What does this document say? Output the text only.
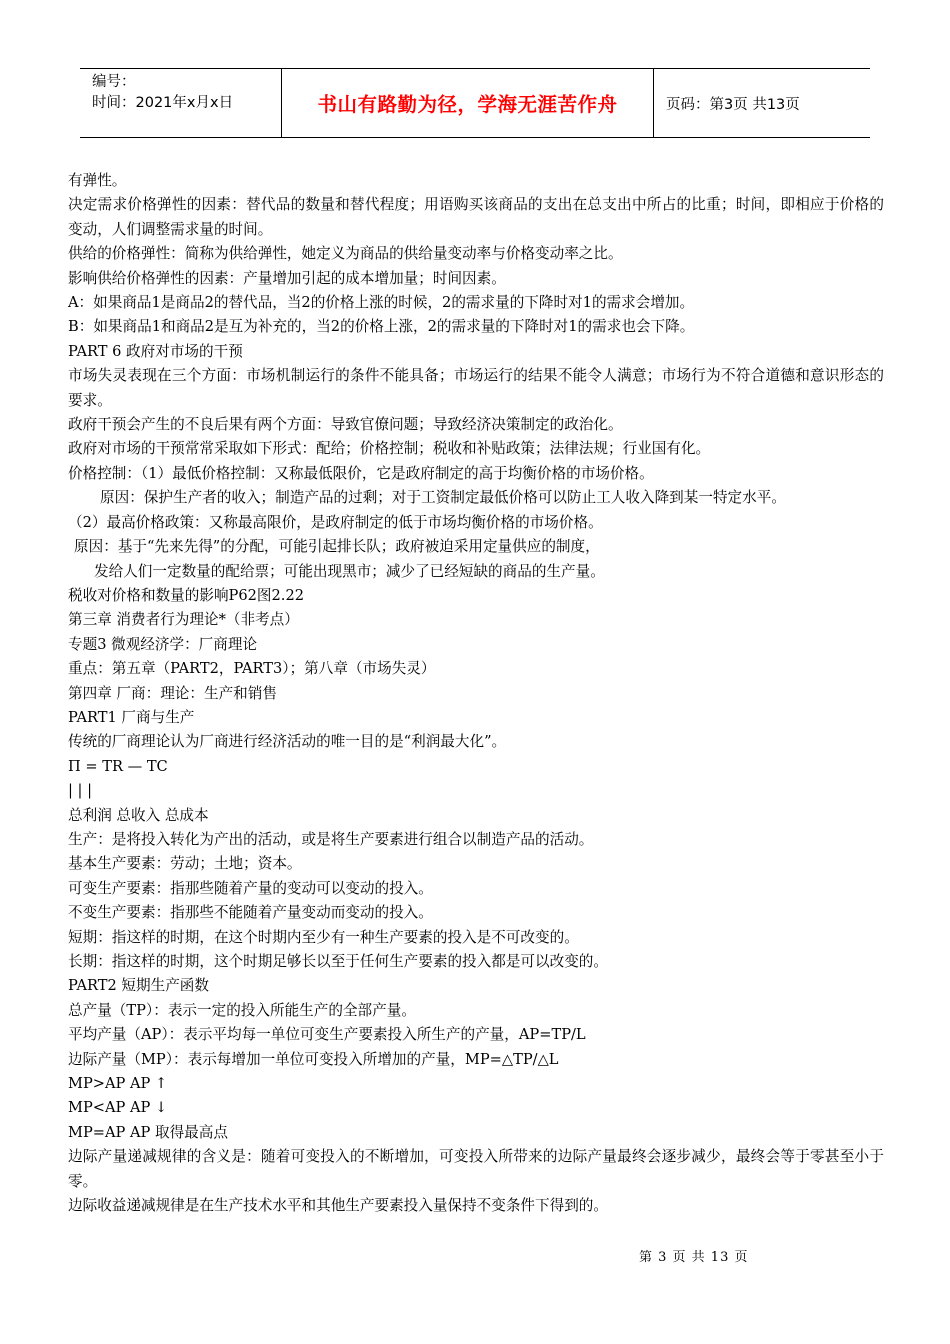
编号：
时间：2021年x月x日	书山有路勤为径，学海无涯苦作舟	页码：第3页 共13页

有弹性。

决定需求价格弹性的因素：替代品的数量和替代程度；用语购买该商品的支出在总支出中所占的比重；时间，即相应于价格的变动，人们调整需求量的时间。

供给的价格弹性：简称为供给弹性，她定义为商品的供给量变动率与价格变动率之比。

影响供给价格弹性的因素：产量增加引起的成本增加量；时间因素。

A：如果商品1是商品2的替代品，当2的价格上涨的时候，2的需求量的下降时对1的需求会增加。

B：如果商品1和商品2是互为补充的，当2的价格上涨，2的需求量的下降时对1的需求也会下降。

PART 6 政府对市场的干预

市场失灵表现在三个方面：市场机制运行的条件不能具备；市场运行的结果不能令人满意；市场行为不符合道德和意识形态的要求。

政府干预会产生的不良后果有两个方面：导致官僚问题；导致经济决策制定的政治化。

政府对市场的干预常常采取如下形式：配给；价格控制；税收和补贴政策；法律法规；行业国有化。

价格控制：（1）最低价格控制：又称最低限价，它是政府制定的高于均衡价格的市场价格。

原因：保护生产者的收入；制造产品的过剩；对于工资制定最低价格可以防止工人收入降到某一特定水平。

（2）最高价格政策：又称最高限价，是政府制定的低于市场均衡价格的市场价格。

原因：基于“先来先得”的分配，可能引起排长队；政府被迫采用定量供应的制度，

发给人们一定数量的配给票；可能出现黑市；减少了已经短缺的商品的生产量。

税收对价格和数量的影响P62图2.22

第三章 消费者行为理论*（非考点）

专题3 微观经济学：厂商理论

重点：第五章（PART2，PART3）；第八章（市场失灵）

第四章 厂商：理论：生产和销售

PART1 厂商与生产

传统的厂商理论认为厂商进行经济活动的唯一目的是“利润最大化”。

Π = TR — TC

| | |

总利润 总收入 总成本

生产：是将投入转化为产出的活动，或是将生产要素进行组合以制造产品的活动。

基本生产要素：劳动；土地；资本。

可变生产要素：指那些随着产量的变动可以变动的投入。

不变生产要素：指那些不能随着产量变动而变动的投入。

短期：指这样的时期，在这个时期内至少有一种生产要素的投入是不可改变的。

长期：指这样的时期，这个时期足够长以至于任何生产要素的投入都是可以改变的。

PART2 短期生产函数

总产量（TP）：表示一定的投入所能生产的全部产量。

平均产量（AP）：表示平均每一单位可变生产要素投入所生产的产量，AP=TP/L

边际产量（MP）：表示每增加一单位可变投入所增加的产量，MP=△TP/△L

MP>AP AP ↑

MP<AP AP ↓

MP=AP AP 取得最高点

边际产量递减规律的含义是：随着可变投入的不断增加，可变投入所带来的边际产量最终会逐步减少，最终会等于零甚至小于零。

边际收益递减规律是在生产技术水平和其他生产要素投入量保持不变条件下得到的。

第 3 页 共 13 页
